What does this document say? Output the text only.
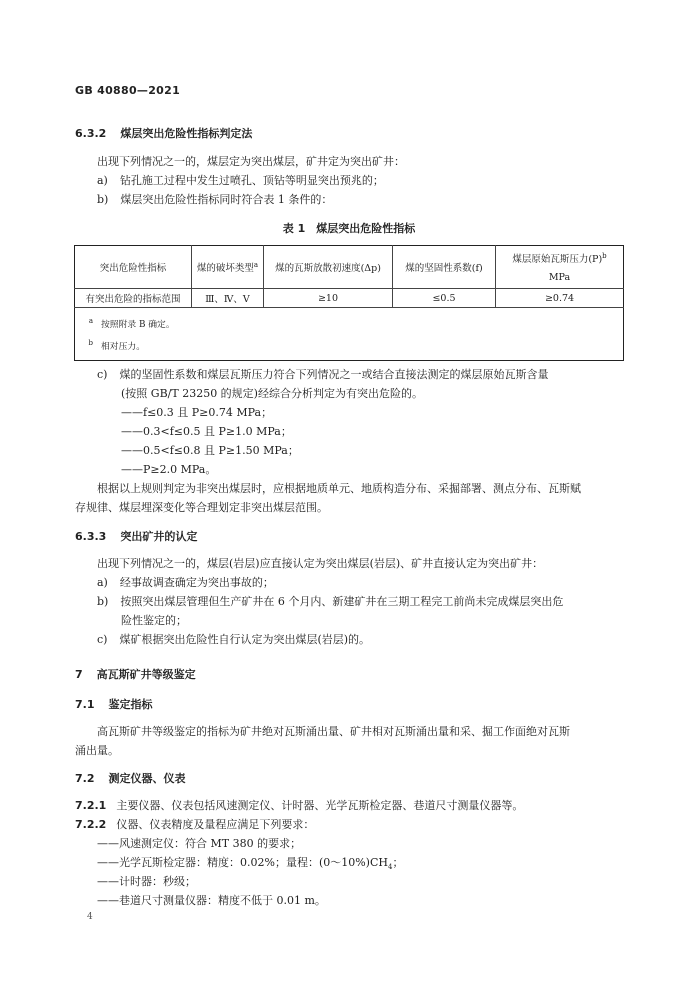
GB 40880—2021
6.3.2 煤层突出危险性指标判定法
出现下列情况之一的，煤层定为突出煤层，矿井定为突出矿井：
a) 钻孔施工过程中发生过喷孔、顶钻等明显突出预兆的；
b) 煤层突出危险性指标同时符合表 1 条件的：
表 1　煤层突出危险性指标
突出危险性指标	煤的破坏类型$^a$	煤的瓦斯放散初速度(Δp)	煤的坚固性系数(f)	煤层原始瓦斯压力(P)$^b$
MPa
有突出危险的指标范围	Ⅲ、Ⅳ、Ⅴ	≥10	≤0.5	≥0.74

a 按照附录 B 确定。
b 相对压力。				
c) 煤的坚固性系数和煤层瓦斯压力符合下列情况之一或结合直接法测定的煤层原始瓦斯含量
(按照 GB/T 23250 的规定)经综合分析判定为有突出危险的。
——f≤0.3 且 P≥0.74 MPa；
——0.3<f≤0.5 且 P≥1.0 MPa；
——0.5<f≤0.8 且 P≥1.50 MPa；
——P≥2.0 MPa。
根据以上规则判定为非突出煤层时，应根据地质单元、地质构造分布、采掘部署、测点分布、瓦斯赋
存规律、煤层埋深变化等合理划定非突出煤层范围。
6.3.3 突出矿井的认定
出现下列情况之一的，煤层(岩层)应直接认定为突出煤层(岩层)、矿井直接认定为突出矿井：
a) 经事故调查确定为突出事故的；
b) 按照突出煤层管理但生产矿井在 6 个月内、新建矿井在三期工程完工前尚未完成煤层突出危
险性鉴定的；
c) 煤矿根据突出危险性自行认定为突出煤层(岩层)的。
7 高瓦斯矿井等级鉴定
7.1 鉴定指标
高瓦斯矿井等级鉴定的指标为矿井绝对瓦斯涌出量、矿井相对瓦斯涌出量和采、掘工作面绝对瓦斯
涌出量。
7.2 测定仪器、仪表
7.2.1 主要仪器、仪表包括风速测定仪、计时器、光学瓦斯检定器、巷道尺寸测量仪器等。
7.2.2 仪器、仪表精度及量程应满足下列要求：
——风速测定仪：符合 MT 380 的要求；
——光学瓦斯检定器：精度：0.02%；量程：$(0\sim 10\%)CH_4$；
——计时器：秒级；
——巷道尺寸测量仪器：精度不低于 0.01 m。
4
